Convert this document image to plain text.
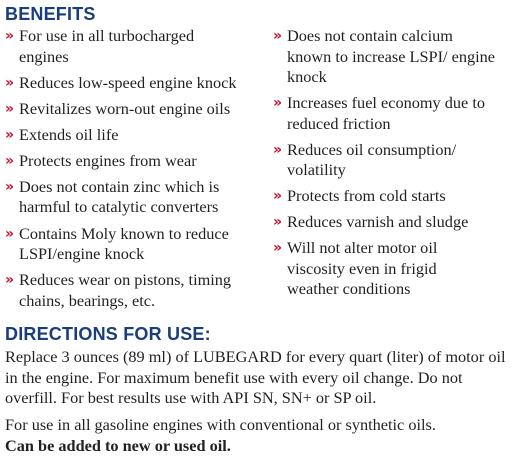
BENEFITS
» For use in all turbocharged engines
» Reduces low-speed engine knock
» Revitalizes worn-out engine oils
» Extends oil life
» Protects engines from wear
» Does not contain zinc which is harmful to catalytic converters
» Contains Moly known to reduce LSPI/engine knock
» Reduces wear on pistons, timing chains, bearings, etc.
» Does not contain calcium known to increase LSPI/ engine knock
» Increases fuel economy due to reduced friction
» Reduces oil consumption/ volatility
» Protects from cold starts
» Reduces varnish and sludge
» Will not alter motor oil viscosity even in frigid weather conditions
DIRECTIONS FOR USE:

Replace 3 ounces (89 ml) of LUBEGARD for every quart (liter) of motor oil in the engine. For maximum benefit use with every oil change. Do not overfill. For best results use with API SN, SN+ or SP oil.

For use in all gasoline engines with conventional or synthetic oils.
Can be added to new or used oil.
